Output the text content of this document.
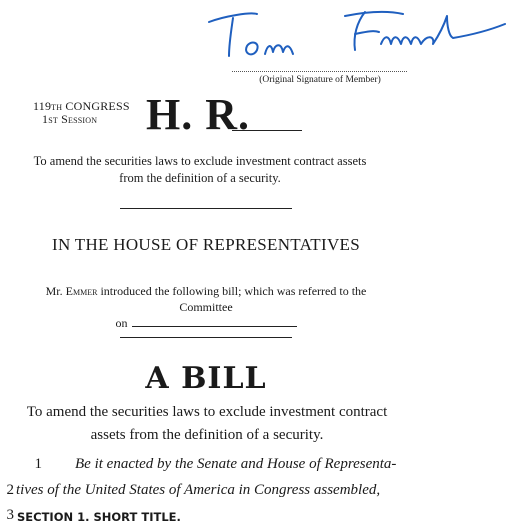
(Original Signature of Member)
119th CONGRESS
1st Session H. R.
To amend the securities laws to exclude investment contract assets from the definition of a security.
IN THE HOUSE OF REPRESENTATIVES
Mr. Emmer introduced the following bill; which was referred to the Committee
on
A BILL
To amend the securities laws to exclude investment contract assets from the definition of a security.
1 Be it enacted by the Senate and House of Representa-
2 tives of the United States of America in Congress assembled,
3 SECTION 1. SHORT TITLE.
